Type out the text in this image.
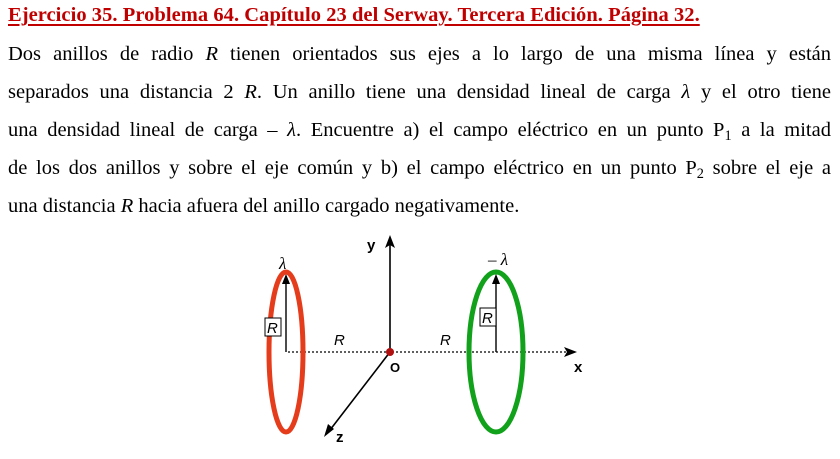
Ejercicio 35. Problema 64. Capítulo 23 del Serway. Tercera Edición. Página 32.

Dos anillos de radio R tienen orientados sus ejes a lo largo de una misma línea y están

separados una distancia 2 R. Un anillo tiene una densidad lineal de carga λ y el otro tiene

una densidad lineal de carga – λ. Encuentre a) el campo eléctrico en un punto $P_1$ a la mitad

de los dos anillos y sobre el eje común y b) el campo eléctrico en un punto $P_2$ sobre el eje a

una distancia R hacia afuera del anillo cargado negativamente.

y
x
z
O
λ	– λ
R
R
R	R
